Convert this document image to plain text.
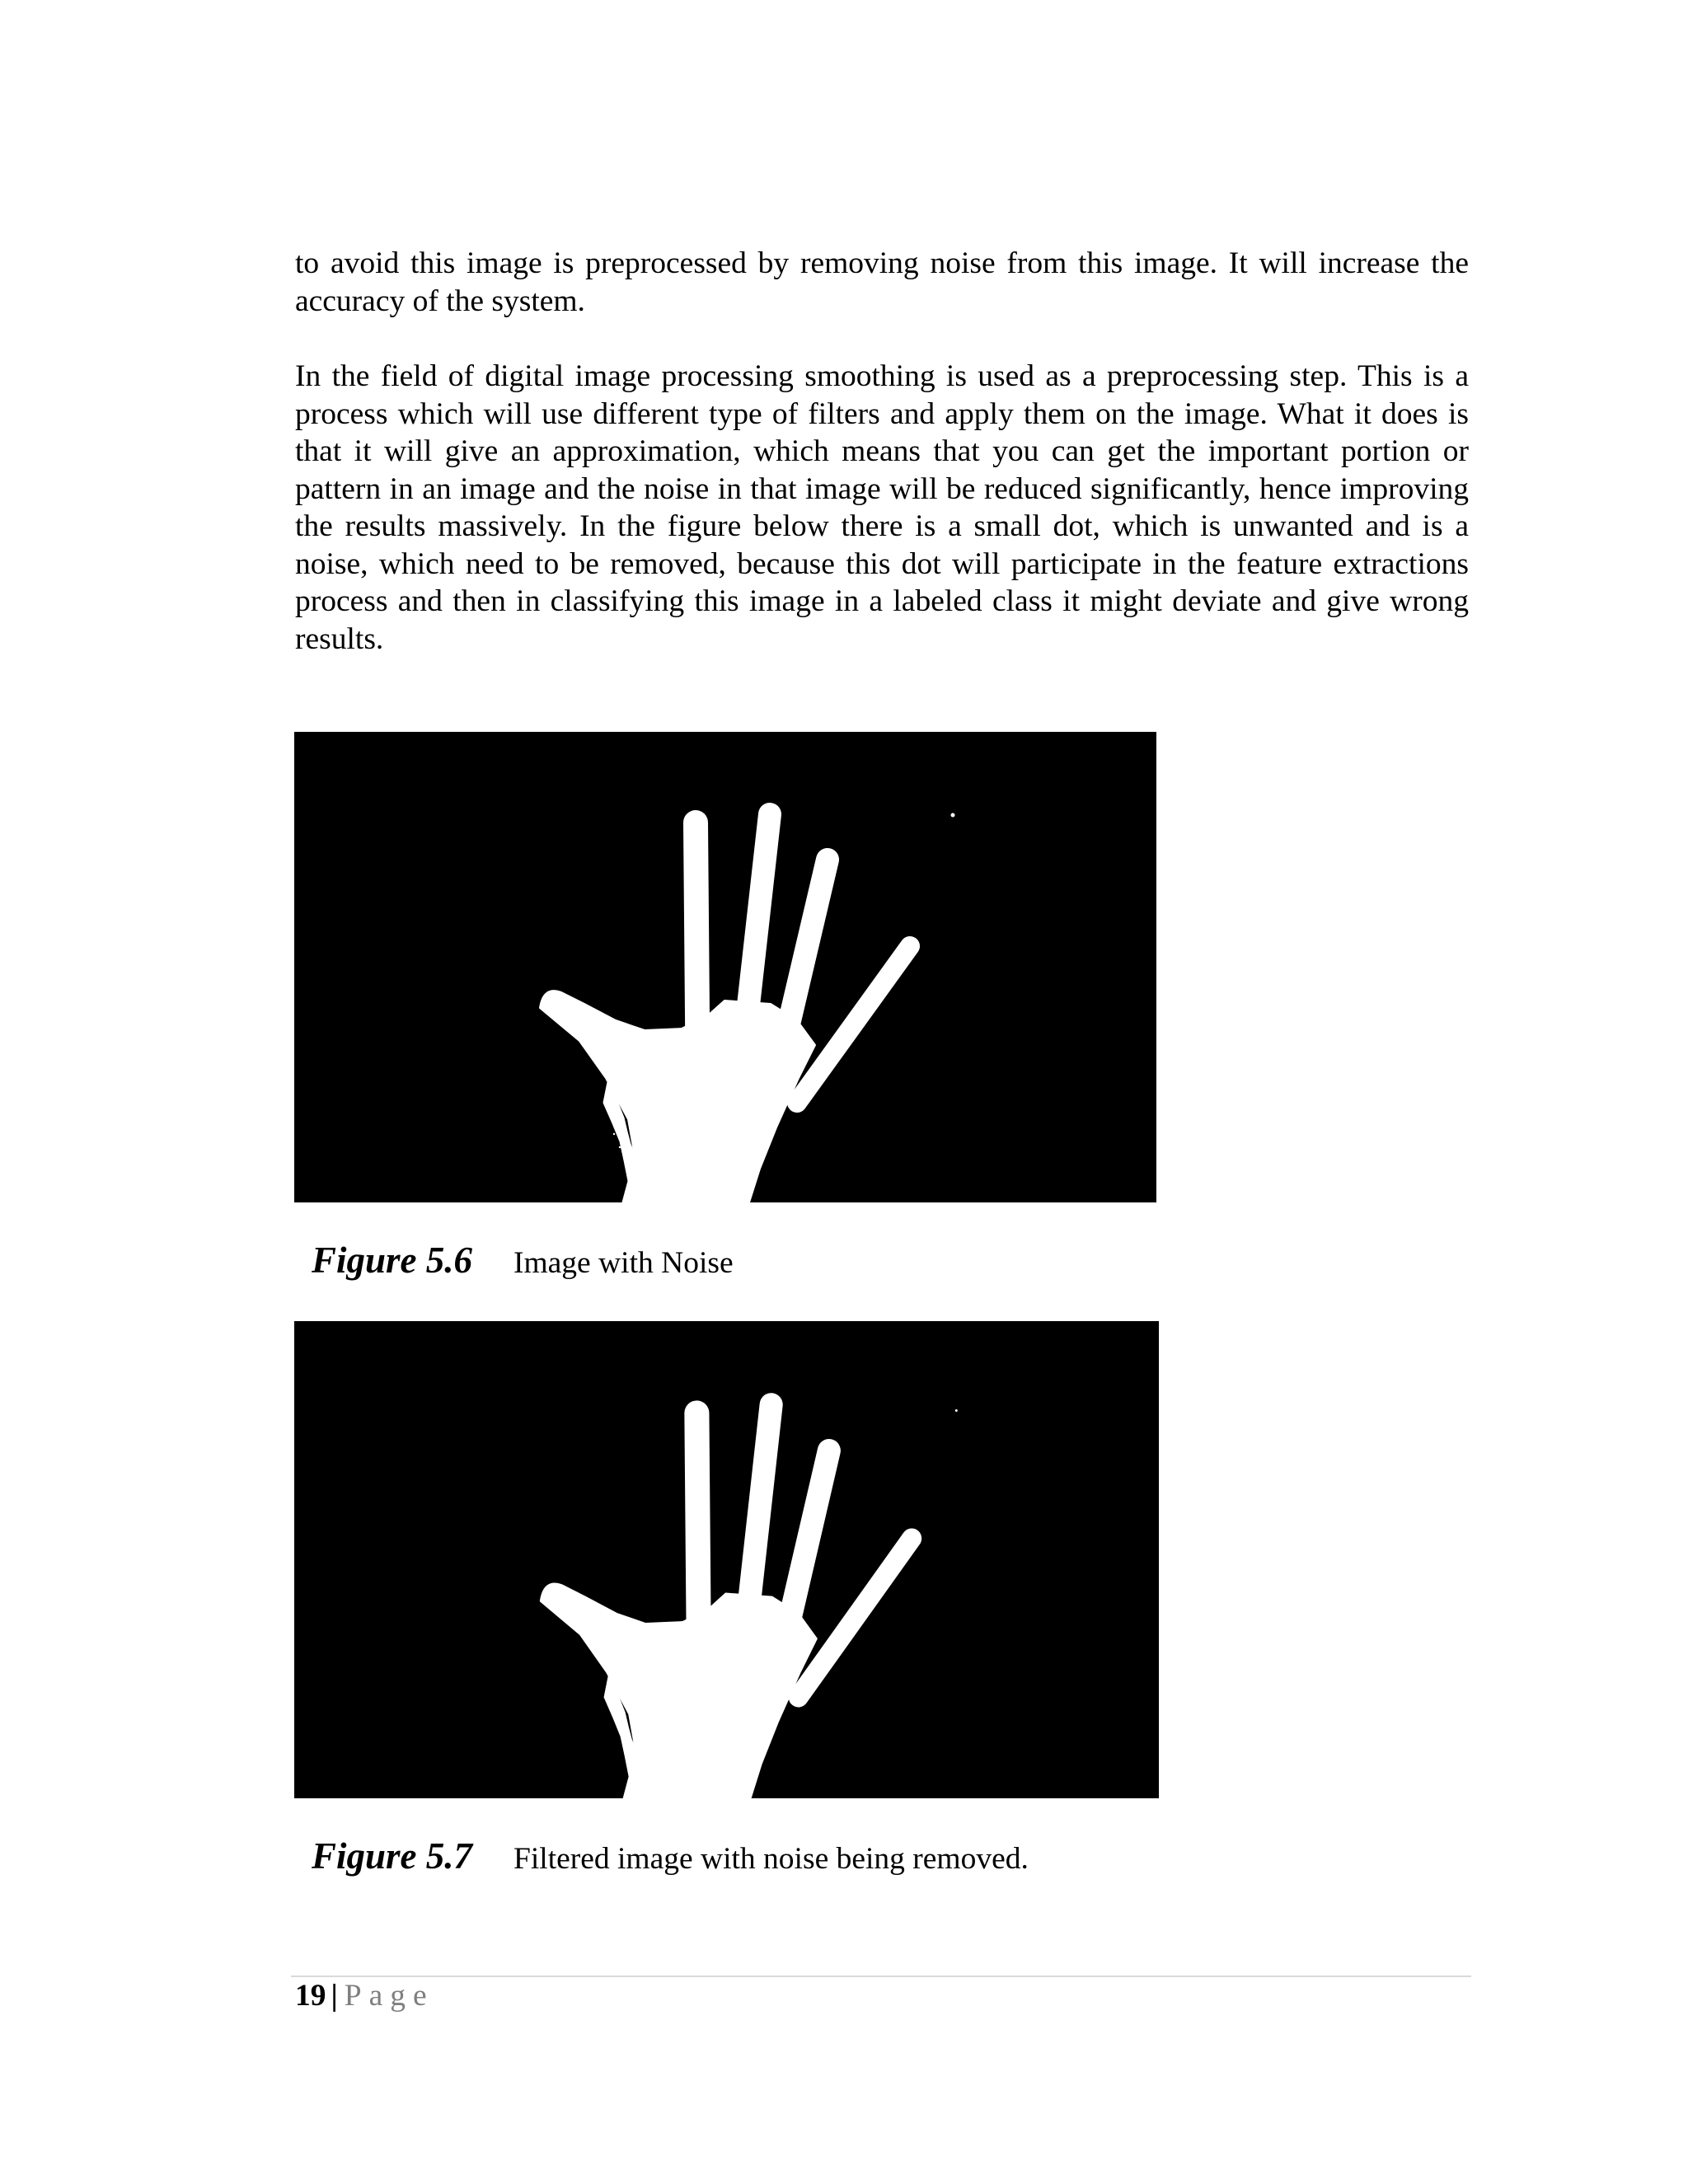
to avoid this image is preprocessed by removing noise from this image. It will increase the accuracy of the system.
In the field of digital image processing smoothing is used as a preprocessing step. This is a process which will use different type of filters and apply them on the image. What it does is that it will give an approximation, which means that you can get the important portion or pattern in an image and the noise in that image will be reduced significantly, hence improving the results massively. In the figure below there is a small dot, which is unwanted and is a noise, which need to be removed, because this dot will participate in the feature extractions process and then in classifying this image in a labeled class it might deviate and give wrong results.
Figure 5.6 Image with Noise
Figure 5.7 Filtered image with noise being removed.
19 | Page
